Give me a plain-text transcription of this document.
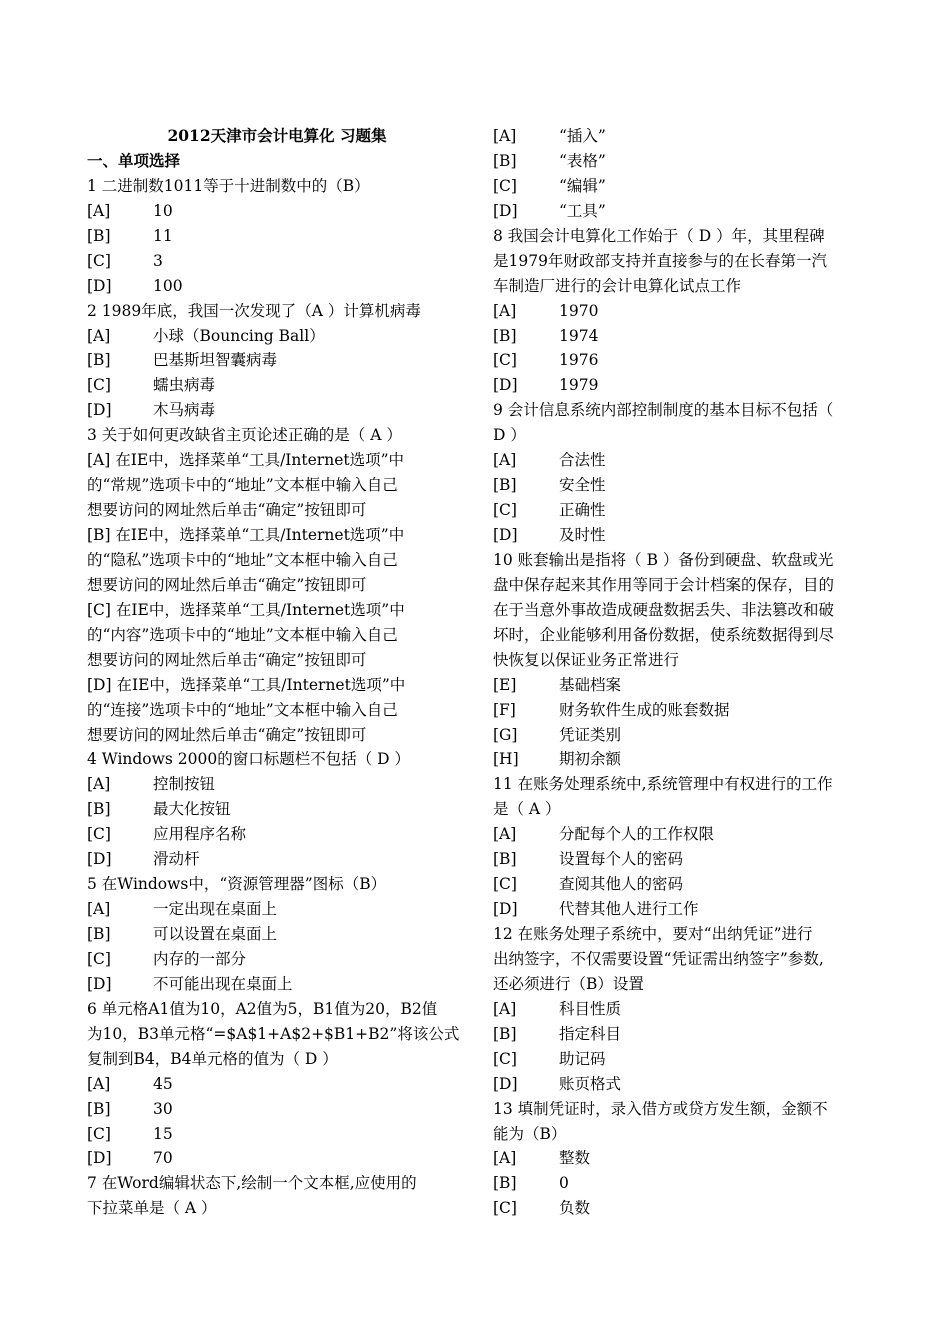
2012天津市会计电算化 习题集
一、单项选择
1 二进制数1011等于十进制数中的（B）
[A]	10
[B]	11
[C]	3
[D]	100
2 1989年底，我国一次发现了（A ）计算机病毒
[A]	小球（Bouncing Ball）
[B]	巴基斯坦智囊病毒
[C]	蠕虫病毒
[D]	木马病毒
3 关于如何更改缺省主页论述正确的是（ A ）
[A] 在IE中，选择菜单“工具/Internet选项”中
的“常规”选项卡中的“地址”文本框中输入自己
想要访问的网址然后单击“确定”按钮即可
[B] 在IE中，选择菜单“工具/Internet选项”中
的“隐私”选项卡中的“地址”文本框中输入自己
想要访问的网址然后单击“确定”按钮即可
[C] 在IE中，选择菜单“工具/Internet选项”中
的“内容”选项卡中的“地址”文本框中输入自己
想要访问的网址然后单击“确定”按钮即可
[D] 在IE中，选择菜单“工具/Internet选项”中
的“连接”选项卡中的“地址”文本框中输入自己
想要访问的网址然后单击“确定”按钮即可
4 Windows 2000的窗口标题栏不包括（ D ）
[A]	控制按钮
[B]	最大化按钮
[C]	应用程序名称
[D]	滑动杆
5 在Windows中，“资源管理器”图标（B）
[A]	一定出现在桌面上
[B]	可以设置在桌面上
[C]	内存的一部分
[D]	不可能出现在桌面上
6 单元格A1值为10，A2值为5，B1值为20，B2值
为10，B3单元格“=$A$1+A$2+$B1+B2”将该公式
复制到B4，B4单元格的值为（ D ）
[A]	45
[B]	30
[C]	15
[D]	70
7 在Word编辑状态下,绘制一个文本框,应使用的
下拉菜单是（ A ）
[A]	“插入”
[B]	“表格”
[C]	“编辑”
[D]	“工具”
8 我国会计电算化工作始于（ D ）年，其里程碑
是1979年财政部支持并直接参与的在长春第一汽
车制造厂进行的会计电算化试点工作
[A]	1970
[B]	1974
[C]	1976
[D]	1979
9 会计信息系统内部控制制度的基本目标不包括（
D ）
[A]	合法性
[B]	安全性
[C]	正确性
[D]	及时性
10 账套输出是指将（ B ）备份到硬盘、软盘或光
盘中保存起来其作用等同于会计档案的保存，目的
在于当意外事故造成硬盘数据丢失、非法篡改和破
坏时，企业能够利用备份数据，使系统数据得到尽
快恢复以保证业务正常进行
[E]	基础档案
[F]	财务软件生成的账套数据
[G]	凭证类别
[H]	期初余额
11 在账务处理系统中,系统管理中有权进行的工作
是（ A ）
[A]	分配每个人的工作权限
[B]	设置每个人的密码
[C]	查阅其他人的密码
[D]	代替其他人进行工作
12 在账务处理子系统中，要对“出纳凭证”进行
出纳签字，不仅需要设置“凭证需出纳签字”参数,
还必须进行（B）设置
[A]	科目性质
[B]	指定科目
[C]	助记码
[D]	账页格式
13 填制凭证时，录入借方或贷方发生额，金额不
能为（B）
[A]	整数
[B]	0
[C]	负数
